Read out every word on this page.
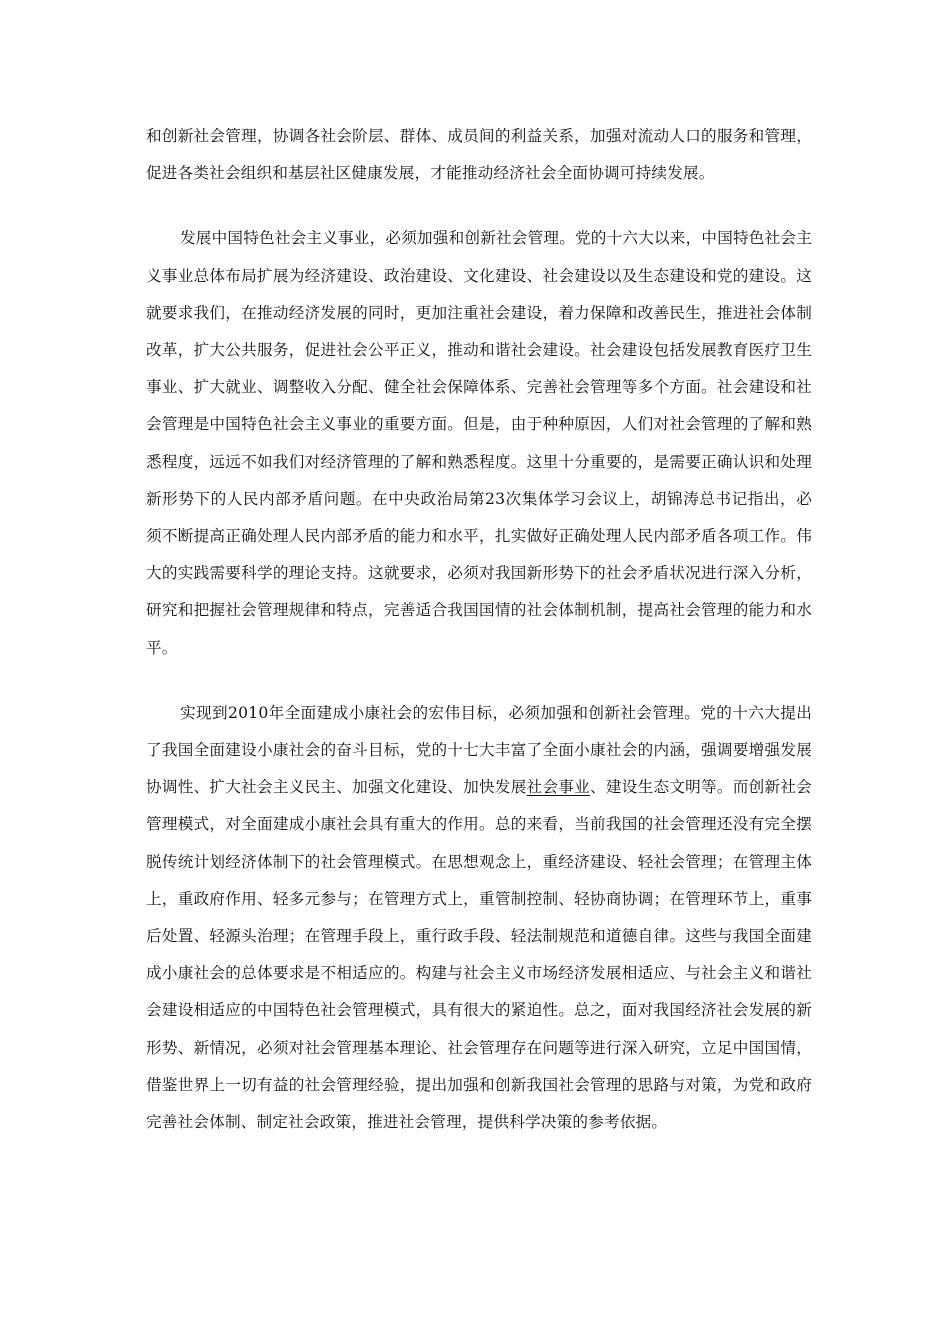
和创新社会管理，协调各社会阶层、群体、成员间的利益关系，加强对流动人口的服务和管理，促进各类社会组织和基层社区健康发展，才能推动经济社会全面协调可持续发展。

发展中国特色社会主义事业，必须加强和创新社会管理。党的十六大以来，中国特色社会主义事业总体布局扩展为经济建设、政治建设、文化建设、社会建设以及生态建设和党的建设。这就要求我们，在推动经济发展的同时，更加注重社会建设，着力保障和改善民生，推进社会体制改革，扩大公共服务，促进社会公平正义，推动和谐社会建设。社会建设包括发展教育医疗卫生事业、扩大就业、调整收入分配、健全社会保障体系、完善社会管理等多个方面。社会建设和社会管理是中国特色社会主义事业的重要方面。但是，由于种种原因，人们对社会管理的了解和熟悉程度，远远不如我们对经济管理的了解和熟悉程度。这里十分重要的，是需要正确认识和处理新形势下的人民内部矛盾问题。在中央政治局第23次集体学习会议上，胡锦涛总书记指出，必须不断提高正确处理人民内部矛盾的能力和水平，扎实做好正确处理人民内部矛盾各项工作。伟大的实践需要科学的理论支持。这就要求，必须对我国新形势下的社会矛盾状况进行深入分析，研究和把握社会管理规律和特点，完善适合我国国情的社会体制机制，提高社会管理的能力和水平。

实现到2010年全面建成小康社会的宏伟目标，必须加强和创新社会管理。党的十六大提出了我国全面建设小康社会的奋斗目标，党的十七大丰富了全面小康社会的内涵，强调要增强发展协调性、扩大社会主义民主、加强文化建设、加快发展社会事业、建设生态文明等。而创新社会管理模式，对全面建成小康社会具有重大的作用。总的来看，当前我国的社会管理还没有完全摆脱传统计划经济体制下的社会管理模式。在思想观念上，重经济建设、轻社会管理；在管理主体上，重政府作用、轻多元参与；在管理方式上，重管制控制、轻协商协调；在管理环节上，重事后处置、轻源头治理；在管理手段上，重行政手段、轻法制规范和道德自律。这些与我国全面建成小康社会的总体要求是不相适应的。构建与社会主义市场经济发展相适应、与社会主义和谐社会建设相适应的中国特色社会管理模式，具有很大的紧迫性。总之，面对我国经济社会发展的新形势、新情况，必须对社会管理基本理论、社会管理存在问题等进行深入研究，立足中国国情，借鉴世界上一切有益的社会管理经验，提出加强和创新我国社会管理的思路与对策，为党和政府完善社会体制、制定社会政策，推进社会管理，提供科学决策的参考依据。
